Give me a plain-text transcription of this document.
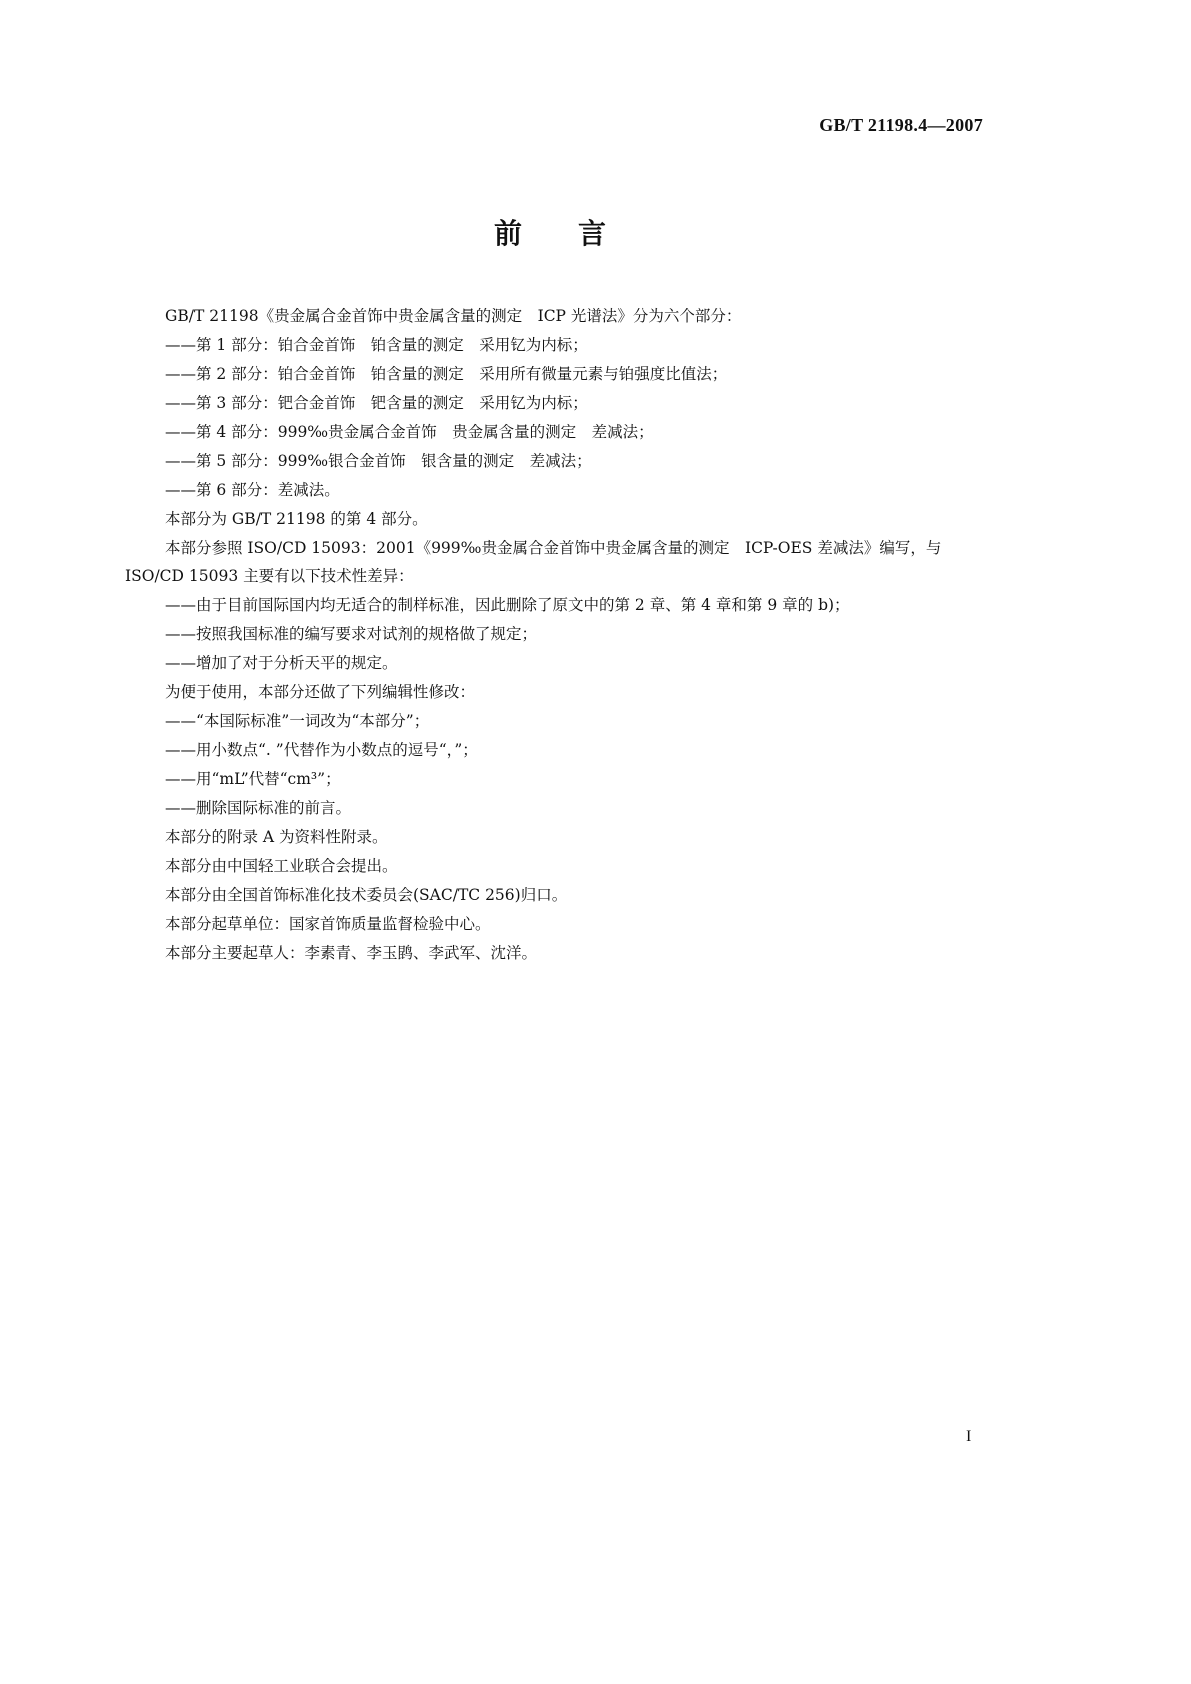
GB/T 21198.4—2007
前言

GB/T 21198《贵金属合金首饰中贵金属含量的测定　ICP 光谱法》分为六个部分：

——第 1 部分：铂合金首饰　铂含量的测定　采用钇为内标；

——第 2 部分：铂合金首饰　铂含量的测定　采用所有微量元素与铂强度比值法；

——第 3 部分：钯合金首饰　钯含量的测定　采用钇为内标；

——第 4 部分：999‰贵金属合金首饰　贵金属含量的测定　差减法；

——第 5 部分：999‰银合金首饰　银含量的测定　差减法；

——第 6 部分：差减法。

本部分为 GB/T 21198 的第 4 部分。

本部分参照 ISO/CD 15093：2001《999‰贵金属合金首饰中贵金属含量的测定　ICP-OES 差减法》编写，与 ISO/CD 15093 主要有以下技术性差异：

——由于目前国际国内均无适合的制样标准，因此删除了原文中的第 2 章、第 4 章和第 9 章的 b)；

——按照我国标准的编写要求对试剂的规格做了规定；

——增加了对于分析天平的规定。

为便于使用，本部分还做了下列编辑性修改：

——“本国际标准”一词改为“本部分”；

——用小数点“. ”代替作为小数点的逗号“，”；

——用“mL”代替“cm³”；

——删除国际标准的前言。

本部分的附录 A 为资料性附录。

本部分由中国轻工业联合会提出。

本部分由全国首饰标准化技术委员会(SAC/TC 256)归口。

本部分起草单位：国家首饰质量监督检验中心。

本部分主要起草人：李素青、李玉鹍、李武军、沈洋。

I
